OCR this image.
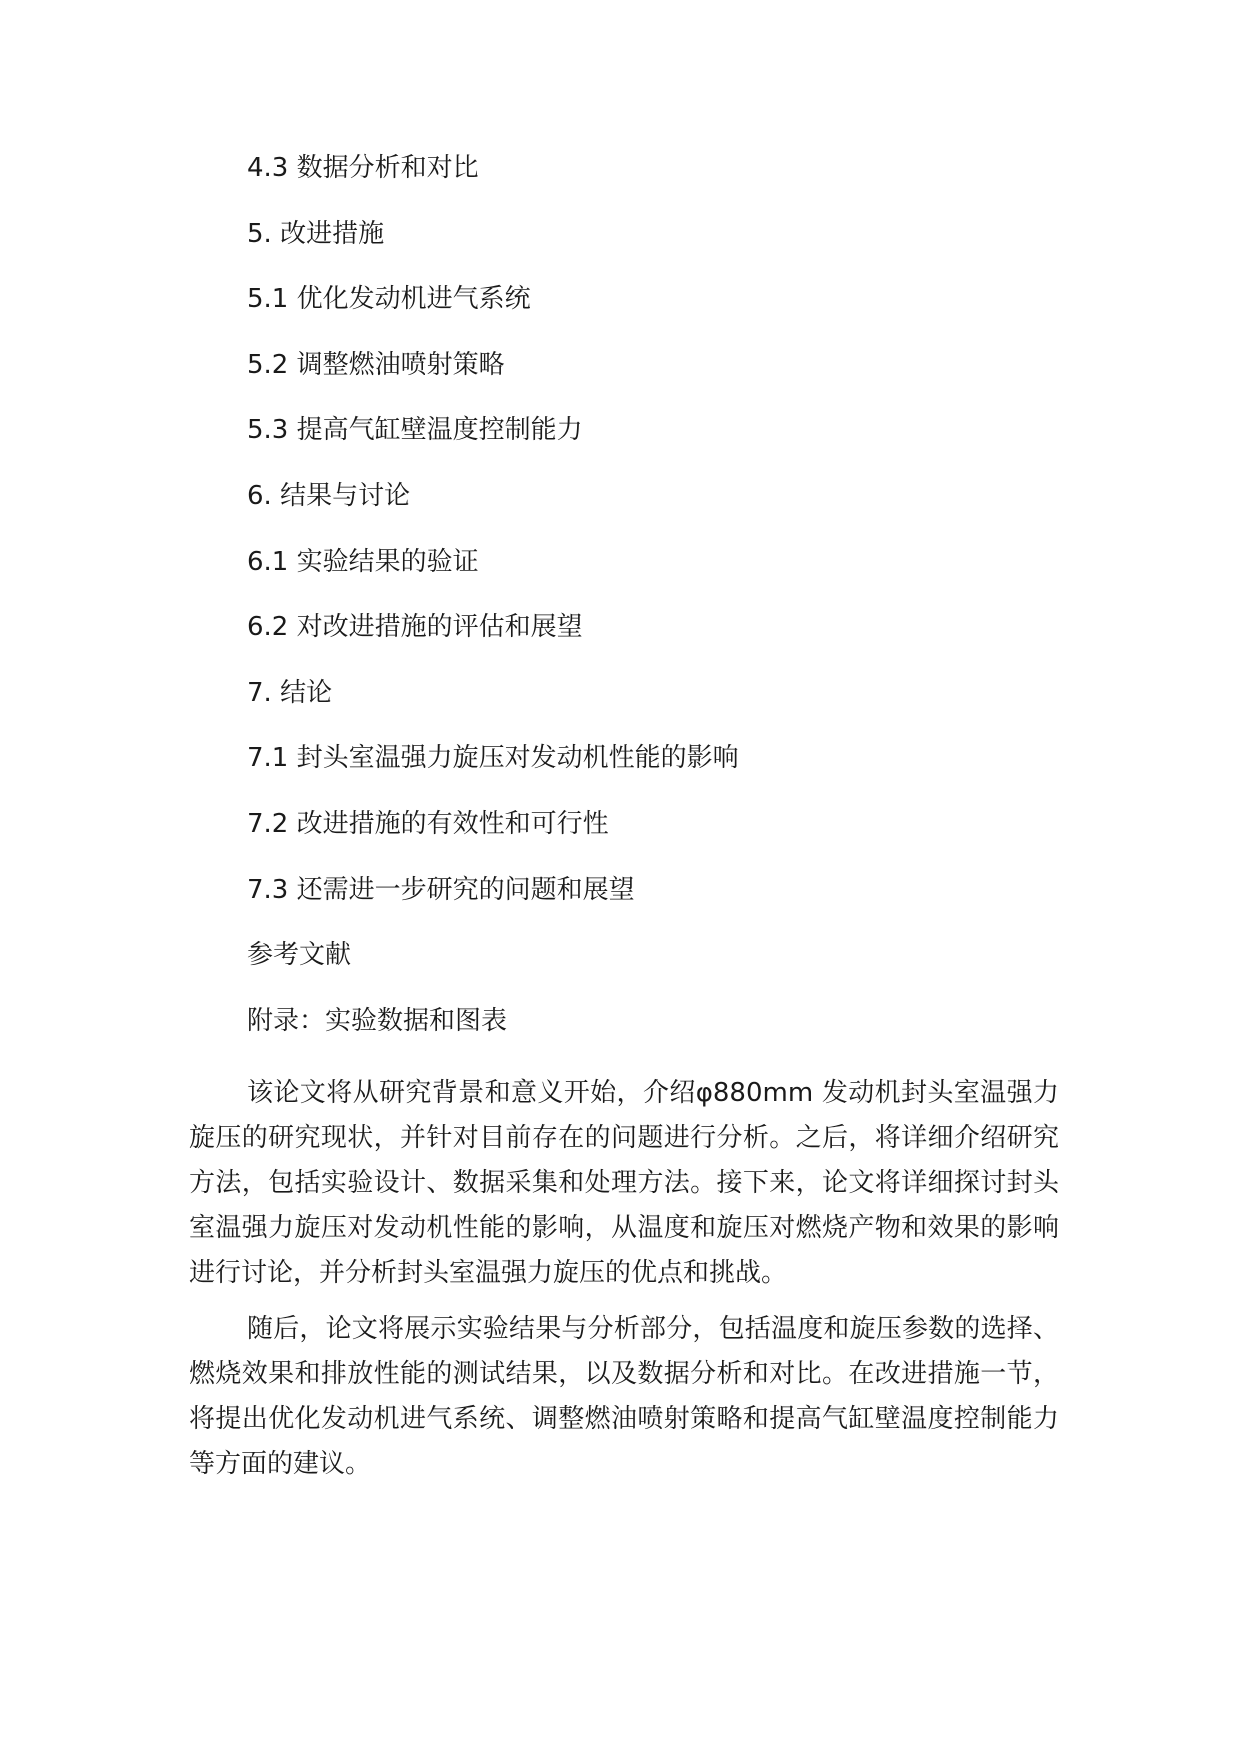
4.3 数据分析和对比
5. 改进措施
5.1 优化发动机进气系统
5.2 调整燃油喷射策略
5.3 提高气缸壁温度控制能力
6. 结果与讨论
6.1 实验结果的验证
6.2 对改进措施的评估和展望
7. 结论
7.1 封头室温强力旋压对发动机性能的影响
7.2 改进措施的有效性和可行性
7.3 还需进一步研究的问题和展望
参考文献
附录：实验数据和图表

该论文将从研究背景和意义开始，介绍φ880mm 发动机封头室温强力旋压的研究现状，并针对目前存在的问题进行分析。之后，将详细介绍研究方法，包括实验设计、数据采集和处理方法。接下来，论文将详细探讨封头室温强力旋压对发动机性能的影响，从温度和旋压对燃烧产物和效果的影响进行讨论，并分析封头室温强力旋压的优点和挑战。

随后，论文将展示实验结果与分析部分，包括温度和旋压参数的选择、燃烧效果和排放性能的测试结果，以及数据分析和对比。在改进措施一节，将提出优化发动机进气系统、调整燃油喷射策略和提高气缸壁温度控制能力等方面的建议。
